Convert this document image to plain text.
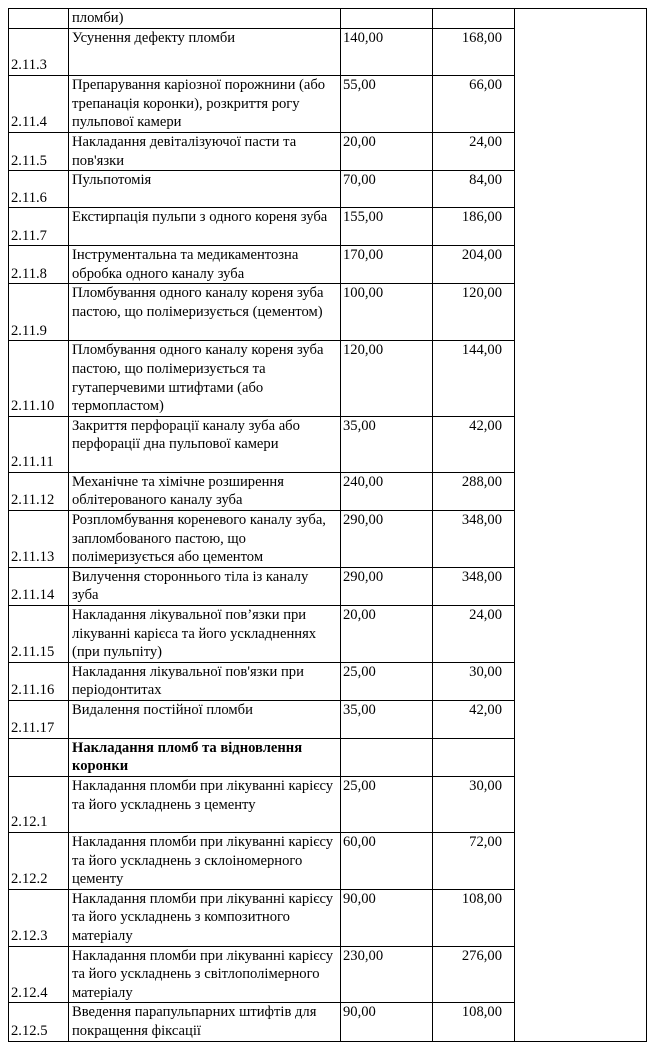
	пломби)			
2.11.3	Усунення дефекту пломби	140,00	168,00	
2.11.4	Препарування каріозної порожнини (або трепанація коронки), розкриття рогу пульпової камери	55,00	66,00	
2.11.5	Накладання девіталізуючої пасти та пов'язки	20,00	24,00	
2.11.6	Пульпотомія	70,00	84,00	
2.11.7	Екстирпація пульпи з одного кореня зуба	155,00	186,00	
2.11.8	Інструментальна та медикаментозна обробка одного каналу зуба	170,00	204,00	
2.11.9	Пломбування одного каналу кореня зуба пастою, що полімеризується (цементом)	100,00	120,00	
2.11.10	Пломбування одного каналу кореня зуба пастою, що полімеризується та гутаперчевими штифтами (або термопластом)	120,00	144,00	
2.11.11	Закриття перфорації каналу зуба або перфорації дна пульпової камери	35,00	42,00	
2.11.12	Механічне та хімічне розширення облітерованого каналу зуба	240,00	288,00	
2.11.13	Розпломбування кореневого каналу зуба, запломбованого пастою, що полімеризується або цементом	290,00	348,00	
2.11.14	Вилучення стороннього тіла із каналу зуба	290,00	348,00	
2.11.15	Накладання лікувальної пов’язки при лікуванні карієса та його ускладненнях (при пульпіту)	20,00	24,00	
2.11.16	Накладання лікувальної пов'язки при періодонтитах	25,00	30,00	
2.11.17	Видалення постійної пломби	35,00	42,00	
	Накладання пломб та відновлення коронки			
2.12.1	Накладання пломби при лікуванні карієсу та його ускладнень з цементу	25,00	30,00	
2.12.2	Накладання пломби при лікуванні карієсу та його ускладнень з склоіномерного цементу	60,00	72,00	
2.12.3	Накладання пломби при лікуванні карієсу та його ускладнень з композитного матеріалу	90,00	108,00	
2.12.4	Накладання пломби при лікуванні карієсу та його ускладнень з світлополімерного матеріалу	230,00	276,00	
2.12.5	Введення парапульпарних штифтів для покращення фіксації	90,00	108,00	
